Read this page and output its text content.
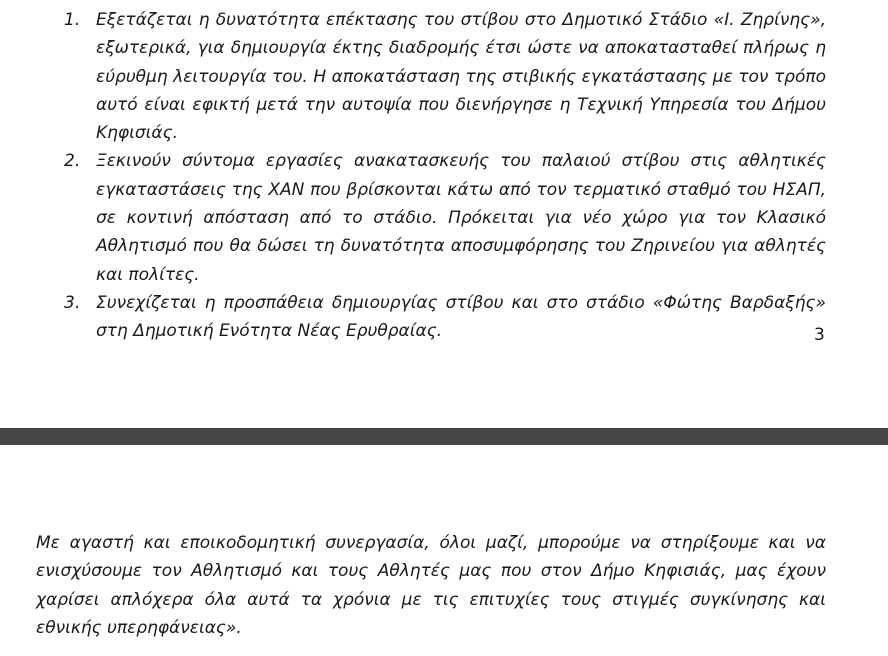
1. Εξετάζεται η δυνατότητα επέκτασης του στίβου στο Δημοτικό Στάδιο «Ι. Ζηρίνης», εξωτερικά, για δημιουργία έκτης διαδρομής έτσι ώστε να αποκατασταθεί πλήρως η εύρυθμη λειτουργία του. Η αποκατάσταση της στιβικής εγκατάστασης με τον τρόπο αυτό είναι εφικτή μετά την αυτοψία που διενήργησε η Τεχνική Υπηρεσία του Δήμου Κηφισιάς.
2. Ξεκινούν σύντομα εργασίες ανακατασκευής του παλαιού στίβου στις αθλητικές εγκαταστάσεις της ΧΑΝ που βρίσκονται κάτω από τον τερματικό σταθμό του ΗΣΑΠ, σε κοντινή απόσταση από το στάδιο. Πρόκειται για νέο χώρο για τον Κλασικό Αθλητισμό που θα δώσει τη δυνατότητα αποσυμφόρησης του Ζηρινείου για αθλητές και πολίτες.
3. Συνεχίζεται η προσπάθεια δημιουργίας στίβου και στο στάδιο «Φώτης Βαρδαξής» στη Δημοτική Ενότητα Νέας Ερυθραίας.	3

Με αγαστή και εποικοδομητική συνεργασία, όλοι μαζί, μπορούμε να στηρίξουμε και να ενισχύσουμε τον Αθλητισμό και τους Αθλητές μας που στον Δήμο Κηφισιάς, μας έχουν χαρίσει απλόχερα όλα αυτά τα χρόνια με τις επιτυχίες τους στιγμές συγκίνησης και εθνικής υπερηφάνειας».
